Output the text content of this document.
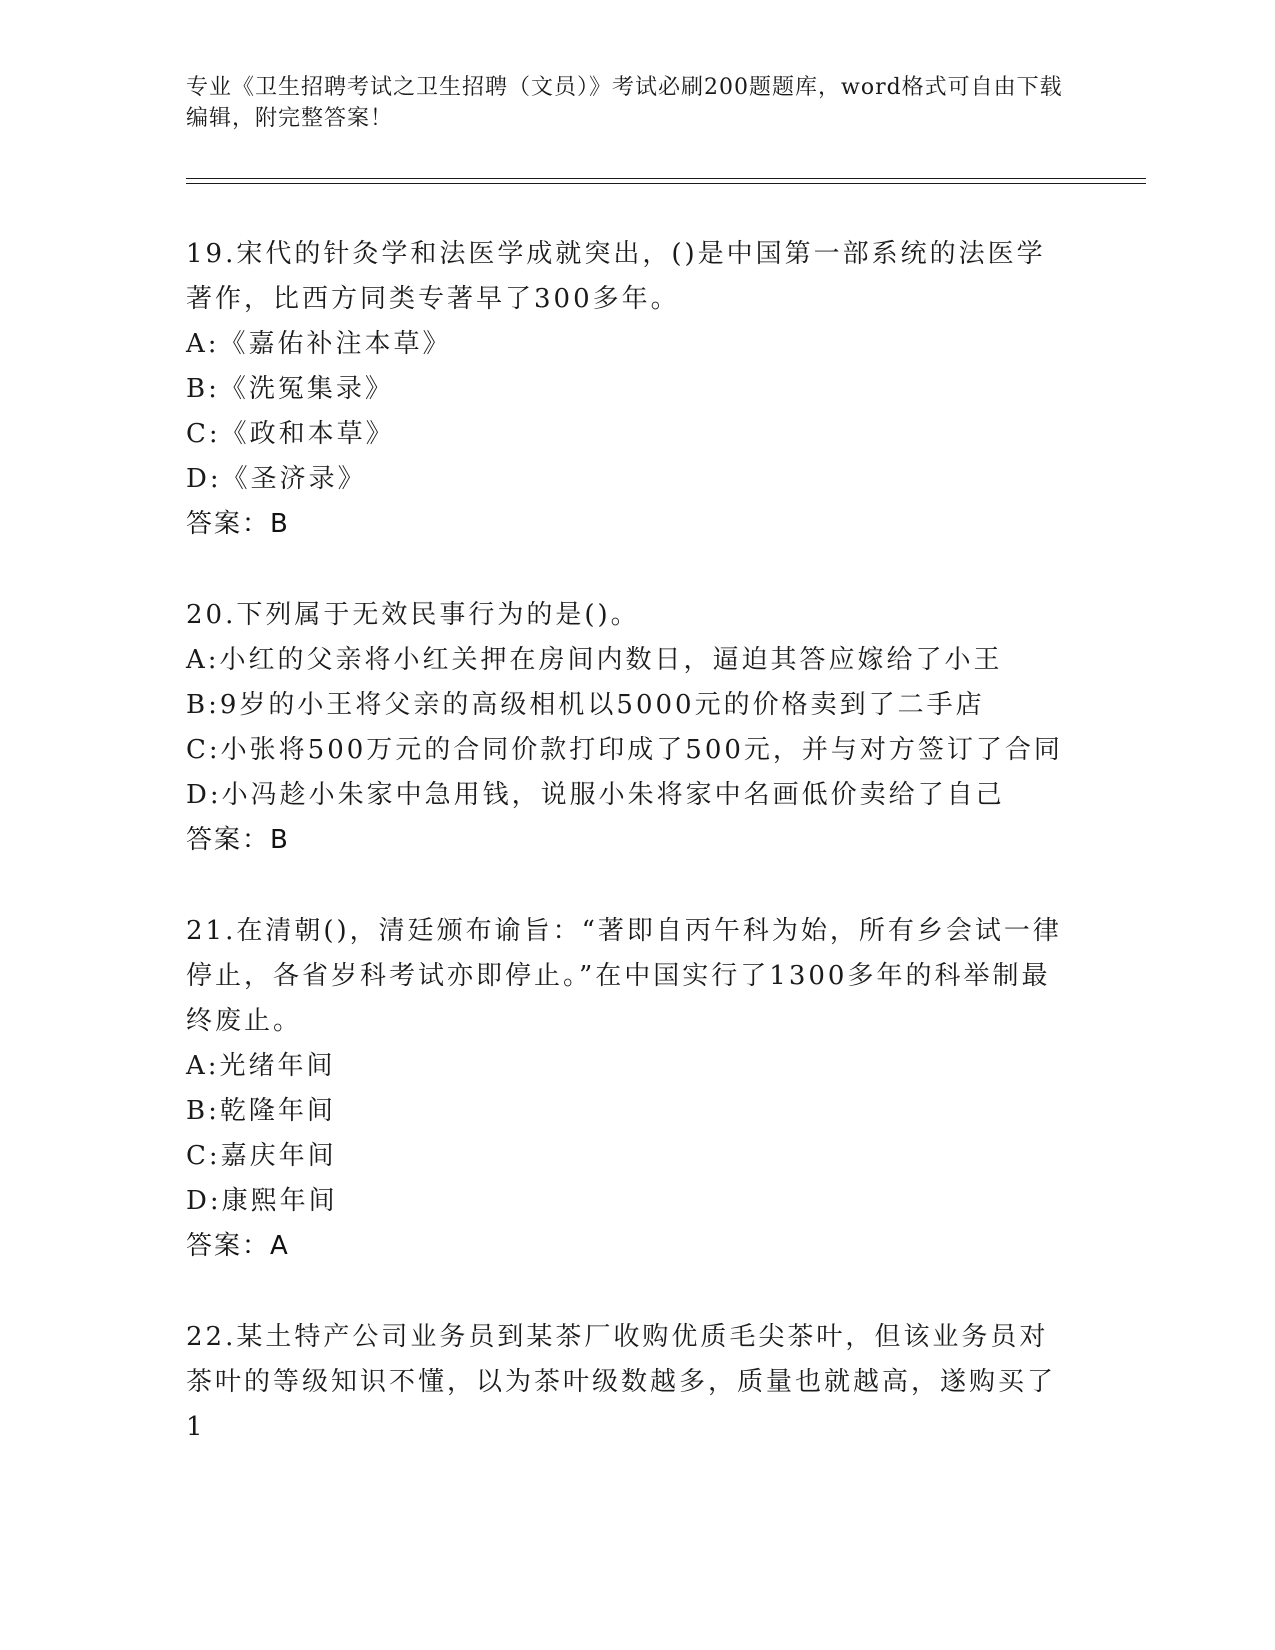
专业《卫生招聘考试之卫生招聘（文员）》考试必刷200题题库，word格式可自由下载编辑，附完整答案！

19.宋代的针灸学和法医学成就突出，()是中国第一部系统的法医学著作，比西方同类专著早了300多年。

A:《嘉佑补注本草》

B:《洗冤集录》

C:《政和本草》

D:《圣济录》

答案：B

20.下列属于无效民事行为的是()。

A:小红的父亲将小红关押在房间内数日，逼迫其答应嫁给了小王

B:9岁的小王将父亲的高级相机以5000元的价格卖到了二手店

C:小张将500万元的合同价款打印成了500元，并与对方签订了合同

D:小冯趁小朱家中急用钱，说服小朱将家中名画低价卖给了自己

答案：B

21.在清朝()，清廷颁布谕旨：“著即自丙午科为始，所有乡会试一律停止，各省岁科考试亦即停止。”在中国实行了1300多年的科举制最终废止。

A:光绪年间

B:乾隆年间

C:嘉庆年间

D:康熙年间

答案：A

22.某土特产公司业务员到某茶厂收购优质毛尖茶叶，但该业务员对茶叶的等级知识不懂，以为茶叶级数越多，质量也就越高，遂购买了1
